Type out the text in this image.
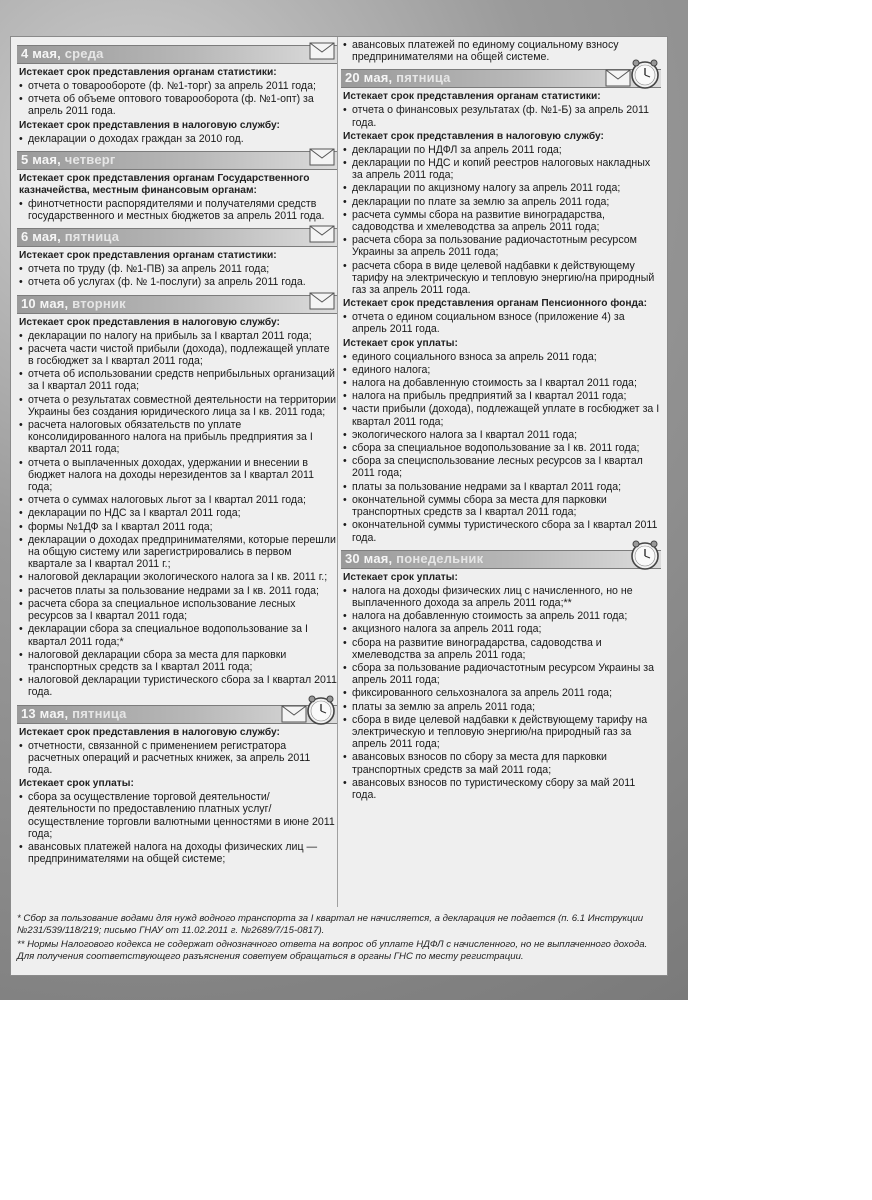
4 мая, среда
Истекает срок представления органам статистики:
• отчета о товарообороте (ф. №1-торг) за апрель 2011 года;
• отчета об объеме оптового товарооборота (ф. №1-опт) за апрель 2011 года.
Истекает срок представления в налоговую службу:
• декларации о доходах граждан за 2010 год.
5 мая, четверг
Истекает срок представления органам Государственного казначейства, местным финансовым органам:
• финотчетности распорядителями и получателями средств государственного и местных бюджетов за апрель 2011 года.
6 мая, пятница
Истекает срок представления органам статистики:
• отчета по труду (ф. №1-ПВ) за апрель 2011 года;
• отчета об услугах (ф. № 1-послуги) за апрель 2011 года.
10 мая, вторник
Истекает срок представления в налоговую службу:
• декларации по налогу на прибыль за I квартал 2011 года;
• расчета части чистой прибыли (дохода), подлежащей уплате в госбюджет за I квартал 2011 года;
• отчета об использовании средств неприбыльных организаций за I квартал 2011 года;
• отчета о результатах совместной деятельности на территории Украины без создания юридического лица за I кв. 2011 года;
• расчета налоговых обязательств по уплате консолидированного налога на прибыль предприятия за I квартал 2011 года;
• отчета о выплаченных доходах, удержании и внесении в бюджет налога на доходы нерезидентов за I квартал 2011 года;
• отчета о суммах налоговых льгот за I квартал 2011 года;
• декларации по НДС за I квартал 2011 года;
• формы №1ДФ за I квартал 2011 года;
• декларации о доходах предпринимателями, которые перешли на общую систему или зарегистрировались в первом квартале за I квартал 2011 г.;
• налоговой декларации экологического налога за I кв. 2011 г.;
• расчетов платы за пользование недрами за I кв. 2011 года;
• расчета сбора за специальное использование лесных ресурсов за I квартал 2011 года;
• декларации сбора за специальное водопользование за I квартал 2011 года;*
• налоговой декларации сбора за места для парковки транспортных средств за I квартал 2011 года;
• налоговой декларации туристического сбора за I квартал 2011 года.
13 мая, пятница
Истекает срок представления в налоговую службу:
• отчетности, связанной с применением регистратора расчетных операций и расчетных книжек, за апрель 2011 года.
Истекает срок уплаты:
• сбора за осуществление торговой деятельности/деятельности по предоставлению платных услуг/осуществление торговли валютными ценностями в июне 2011 года;
• авансовых платежей налога на доходы физических лиц — предпринимателями на общей системе;
• авансовых платежей по единому социальному взносу предпринимателями на общей системе.
20 мая, пятница
Истекает срок представления органам статистики:
• отчета о финансовых результатах (ф. №1-Б) за апрель 2011 года.
Истекает срок представления в налоговую службу:
• декларации по НДФЛ за апрель 2011 года;
• декларации по НДС и копий реестров налоговых накладных за апрель 2011 года;
• декларации по акцизному налогу за апрель 2011 года;
• декларации по плате за землю за апрель 2011 года;
• расчета суммы сбора на развитие виноградарства, садоводства и хмелеводства за апрель 2011 года;
• расчета сбора за пользование радиочастотным ресурсом Украины за апрель 2011 года;
• расчета сбора в виде целевой надбавки к действующему тарифу на электрическую и тепловую энергию/на природный газ за апрель 2011 года.
Истекает срок представления органам Пенсионного фонда:
• отчета о едином социальном взносе (приложение 4) за апрель 2011 года.
Истекает срок уплаты:
• единого социального взноса за апрель 2011 года;
• единого налога;
• налога на добавленную стоимость за I квартал 2011 года;
• налога на прибыль предприятий за I квартал 2011 года;
• части прибыли (дохода), подлежащей уплате в госбюджет за I квартал 2011 года;
• экологического налога за I квартал 2011 года;
• сбора за специальное водопользование за I кв. 2011 года;
• сбора за специспользование лесных ресурсов за I квартал 2011 года;
• платы за пользование недрами за I квартал 2011 года;
• окончательной суммы сбора за места для парковки транспортных средств за I квартал 2011 года;
• окончательной суммы туристического сбора за I квартал 2011 года.
30 мая, понедельник
Истекает срок уплаты:
• налога на доходы физических лиц с начисленного, но не выплаченного дохода за апрель 2011 года;**
• налога на добавленную стоимость за апрель 2011 года;
• акцизного налога за апрель 2011 года;
• сбора на развитие виноградарства, садоводства и хмелеводства за апрель 2011 года;
• сбора за пользование радиочастотным ресурсом Украины за апрель 2011 года;
• фиксированного сельхозналога за апрель 2011 года;
• платы за землю за апрель 2011 года;
• сбора в виде целевой надбавки к действующему тарифу на электрическую и тепловую энергию/на природный газ за апрель 2011 года;
• авансовых взносов по сбору за места для парковки транспортных средств за май 2011 года;
• авансовых взносов по туристическому сбору за май 2011 года.

* Сбор за пользование водами для нужд водного транспорта за I квартал не начисляется, а декларация не подается (п. 6.1 Инструкции №231/539/118/219; письмо ГНАУ от 11.02.2011 г. №2689/7/15-0817).

** Нормы Налогового кодекса не содержат однозначного ответа на вопрос об уплате НДФЛ с начисленного, но не выплаченного дохода. Для получения соответствующего разъяснения советуем обращаться в органы ГНС по месту регистрации.
